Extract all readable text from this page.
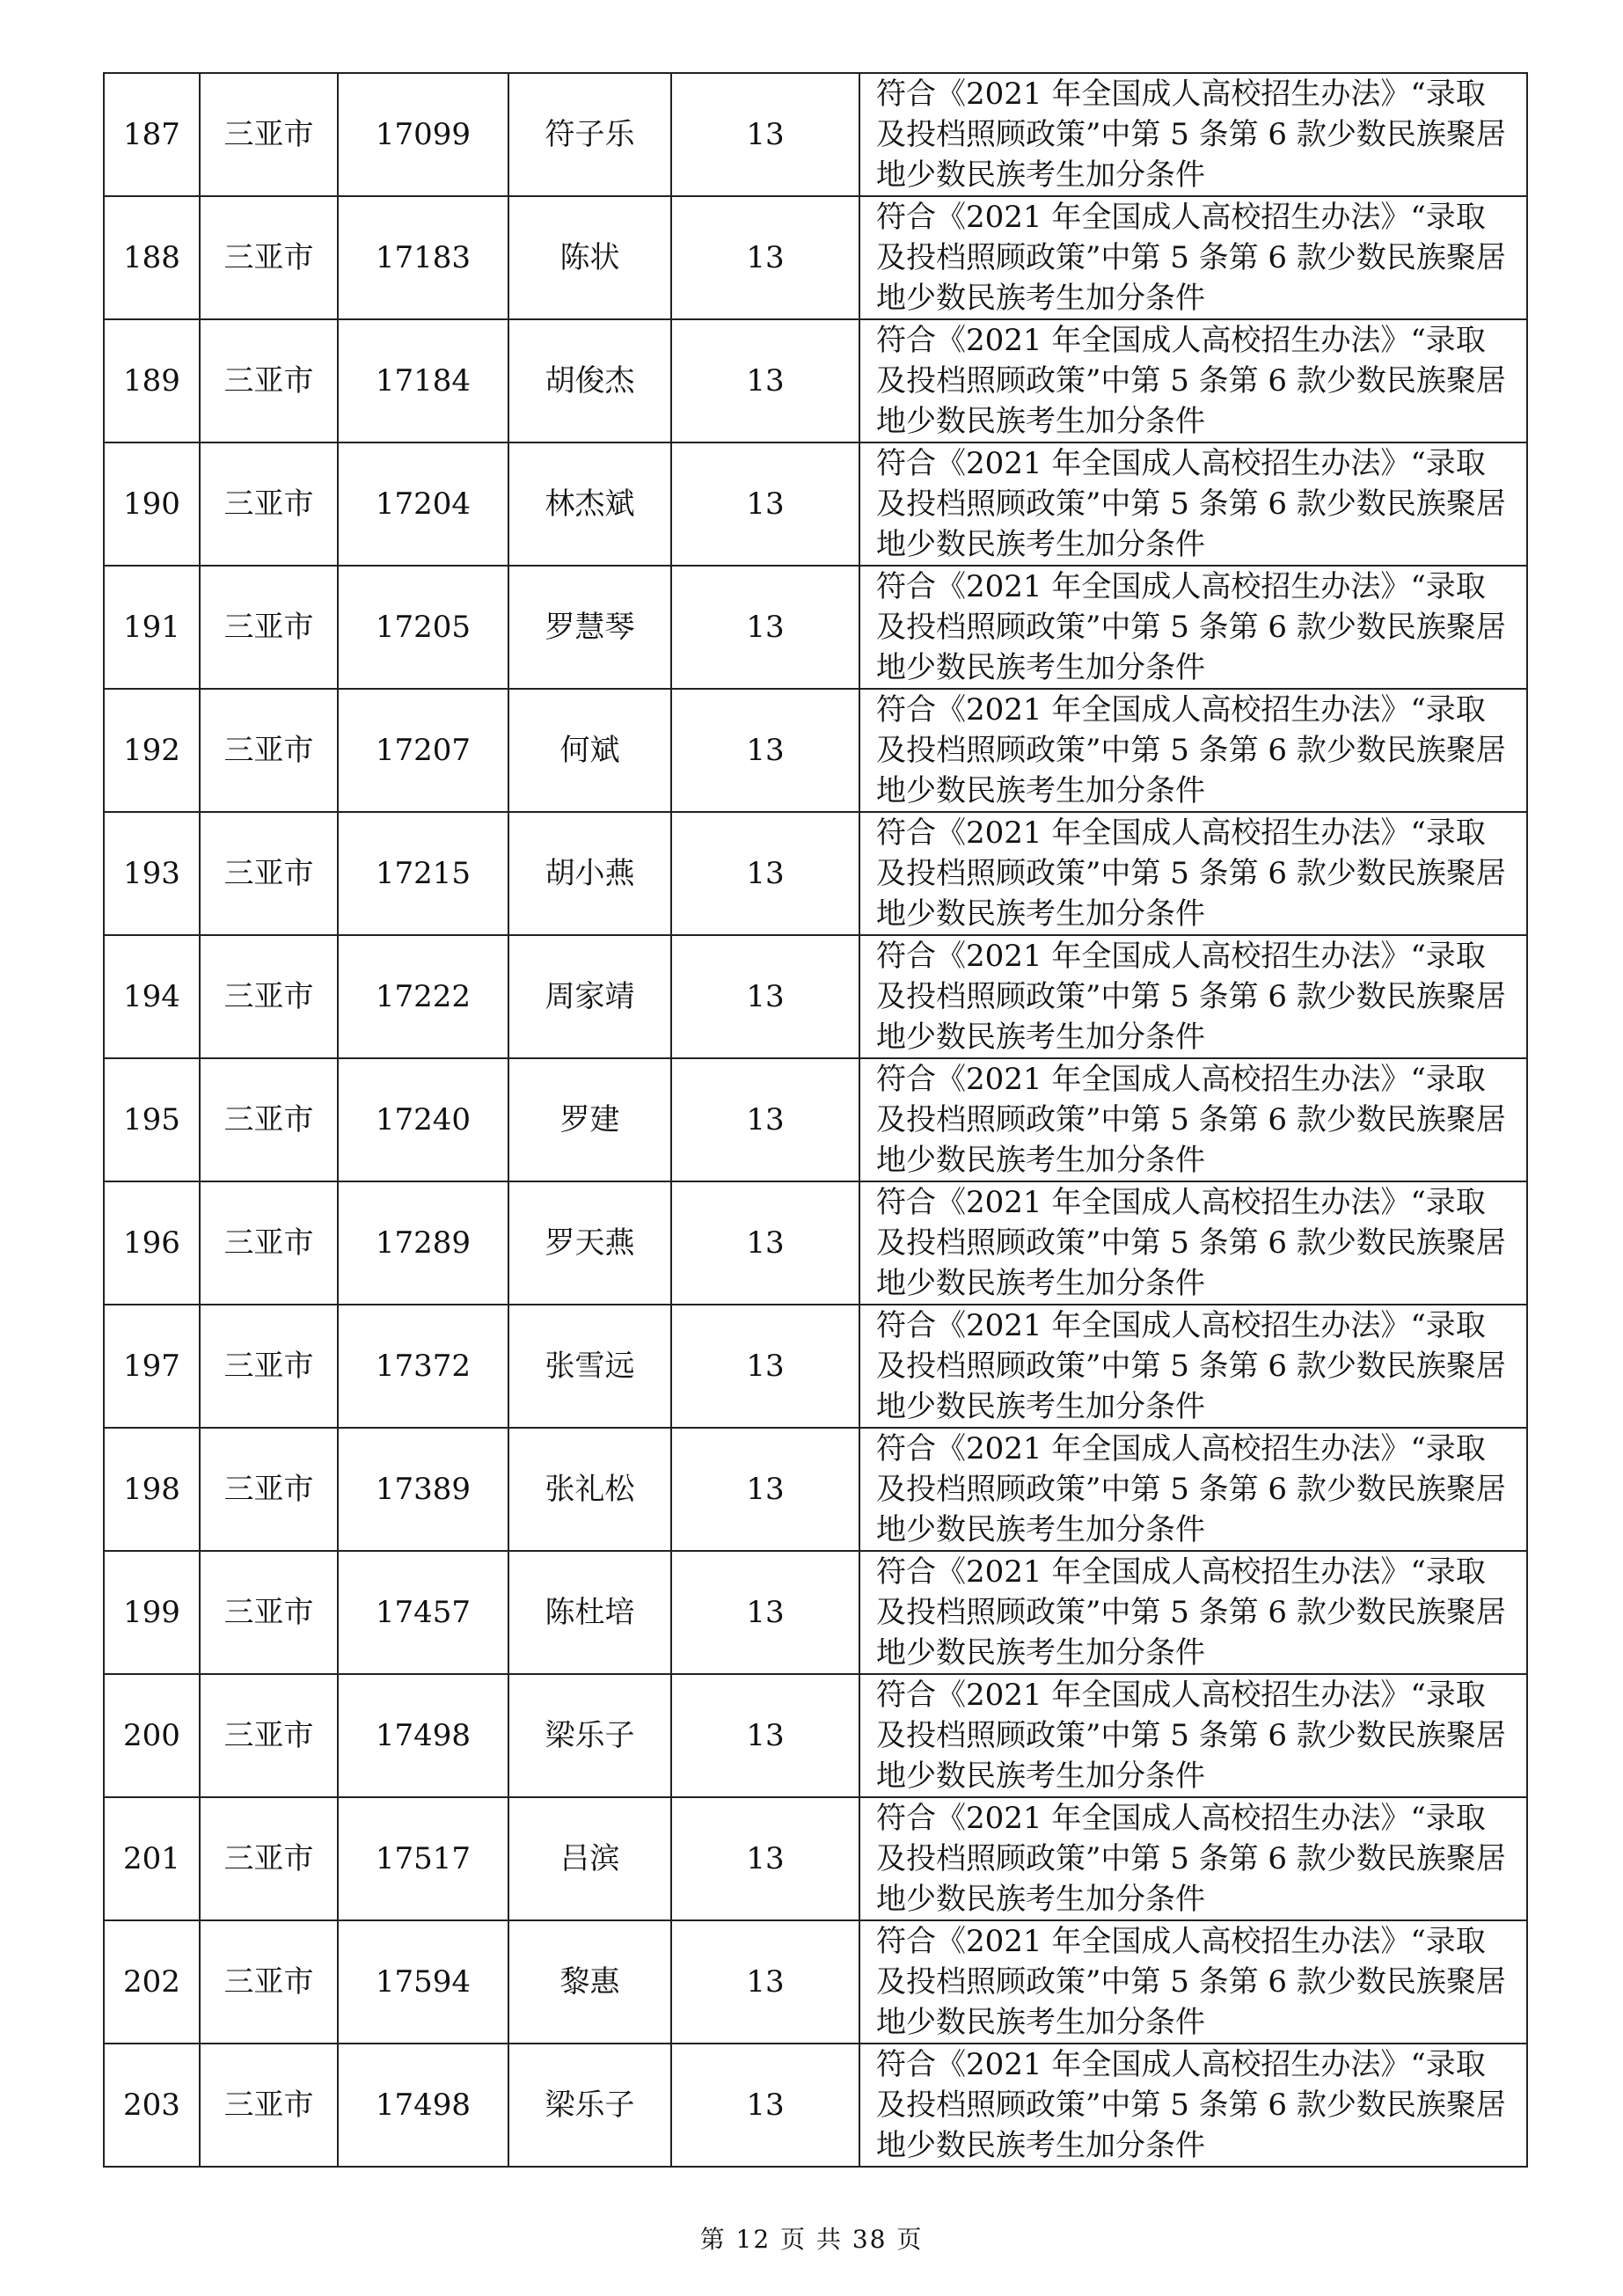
187	三亚市	17099	符子乐	13	符合《2021 年全国成人高校招生办法》“录取及投档照顾政策”中第 5 条第 6 款少数民族聚居地少数民族考生加分条件
188	三亚市	17183	陈状	13	符合《2021 年全国成人高校招生办法》“录取及投档照顾政策”中第 5 条第 6 款少数民族聚居地少数民族考生加分条件
189	三亚市	17184	胡俊杰	13	符合《2021 年全国成人高校招生办法》“录取及投档照顾政策”中第 5 条第 6 款少数民族聚居地少数民族考生加分条件
190	三亚市	17204	林杰斌	13	符合《2021 年全国成人高校招生办法》“录取及投档照顾政策”中第 5 条第 6 款少数民族聚居地少数民族考生加分条件
191	三亚市	17205	罗慧琴	13	符合《2021 年全国成人高校招生办法》“录取及投档照顾政策”中第 5 条第 6 款少数民族聚居地少数民族考生加分条件
192	三亚市	17207	何斌	13	符合《2021 年全国成人高校招生办法》“录取及投档照顾政策”中第 5 条第 6 款少数民族聚居地少数民族考生加分条件
193	三亚市	17215	胡小燕	13	符合《2021 年全国成人高校招生办法》“录取及投档照顾政策”中第 5 条第 6 款少数民族聚居地少数民族考生加分条件
194	三亚市	17222	周家靖	13	符合《2021 年全国成人高校招生办法》“录取及投档照顾政策”中第 5 条第 6 款少数民族聚居地少数民族考生加分条件
195	三亚市	17240	罗建	13	符合《2021 年全国成人高校招生办法》“录取及投档照顾政策”中第 5 条第 6 款少数民族聚居地少数民族考生加分条件
196	三亚市	17289	罗天燕	13	符合《2021 年全国成人高校招生办法》“录取及投档照顾政策”中第 5 条第 6 款少数民族聚居地少数民族考生加分条件
197	三亚市	17372	张雪远	13	符合《2021 年全国成人高校招生办法》“录取及投档照顾政策”中第 5 条第 6 款少数民族聚居地少数民族考生加分条件
198	三亚市	17389	张礼松	13	符合《2021 年全国成人高校招生办法》“录取及投档照顾政策”中第 5 条第 6 款少数民族聚居地少数民族考生加分条件
199	三亚市	17457	陈杜培	13	符合《2021 年全国成人高校招生办法》“录取及投档照顾政策”中第 5 条第 6 款少数民族聚居地少数民族考生加分条件
200	三亚市	17498	梁乐子	13	符合《2021 年全国成人高校招生办法》“录取及投档照顾政策”中第 5 条第 6 款少数民族聚居地少数民族考生加分条件
201	三亚市	17517	吕滨	13	符合《2021 年全国成人高校招生办法》“录取及投档照顾政策”中第 5 条第 6 款少数民族聚居地少数民族考生加分条件
202	三亚市	17594	黎惠	13	符合《2021 年全国成人高校招生办法》“录取及投档照顾政策”中第 5 条第 6 款少数民族聚居地少数民族考生加分条件
203	三亚市	17498	梁乐子	13	符合《2021 年全国成人高校招生办法》“录取及投档照顾政策”中第 5 条第 6 款少数民族聚居地少数民族考生加分条件
第 12 页 共 38 页
